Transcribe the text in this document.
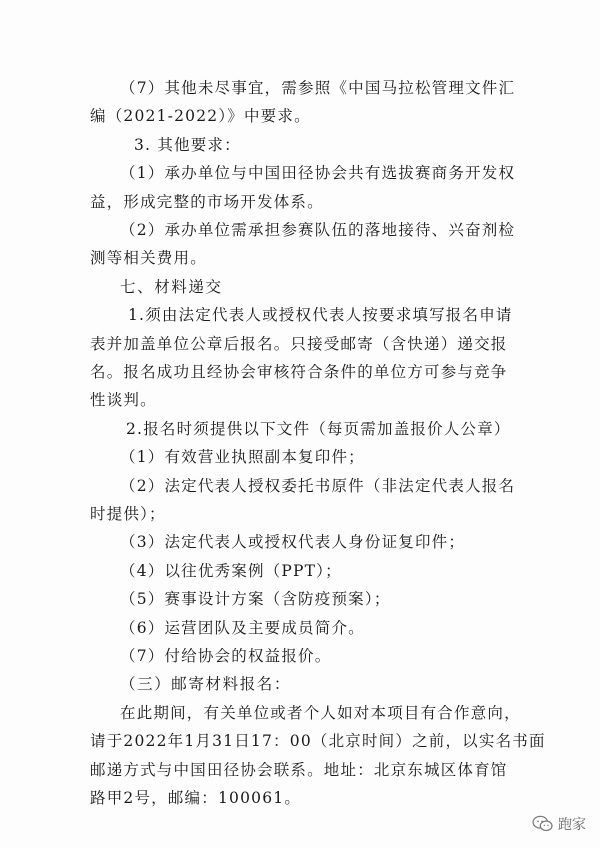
（7）其他未尽事宜，需参照《中国马拉松管理文件汇
编（2021-2022）》中要求。
3. 其他要求：
（1）承办单位与中国田径协会共有选拔赛商务开发权
益，形成完整的市场开发体系。
（2）承办单位需承担参赛队伍的落地接待、兴奋剂检
测等相关费用。
七、材料递交
1.须由法定代表人或授权代表人按要求填写报名申请
表并加盖单位公章后报名。只接受邮寄（含快递）递交报
名。报名成功且经协会审核符合条件的单位方可参与竞争
性谈判。
2.报名时须提供以下文件（每页需加盖报价人公章）
（1）有效营业执照副本复印件；
（2）法定代表人授权委托书原件（非法定代表人报名
时提供）；
（3）法定代表人或授权代表人身份证复印件；
（4）以往优秀案例（PPT）；
（5）赛事设计方案（含防疫预案）；
（6）运营团队及主要成员简介。
（7）付给协会的权益报价。
（三）邮寄材料报名：
在此期间，有关单位或者个人如对本项目有合作意向，
请于2022年1月31日17：00（北京时间）之前，以实名书面
邮递方式与中国田径协会联系。地址：北京东城区体育馆
路甲2号，邮编：100061。
跑家
